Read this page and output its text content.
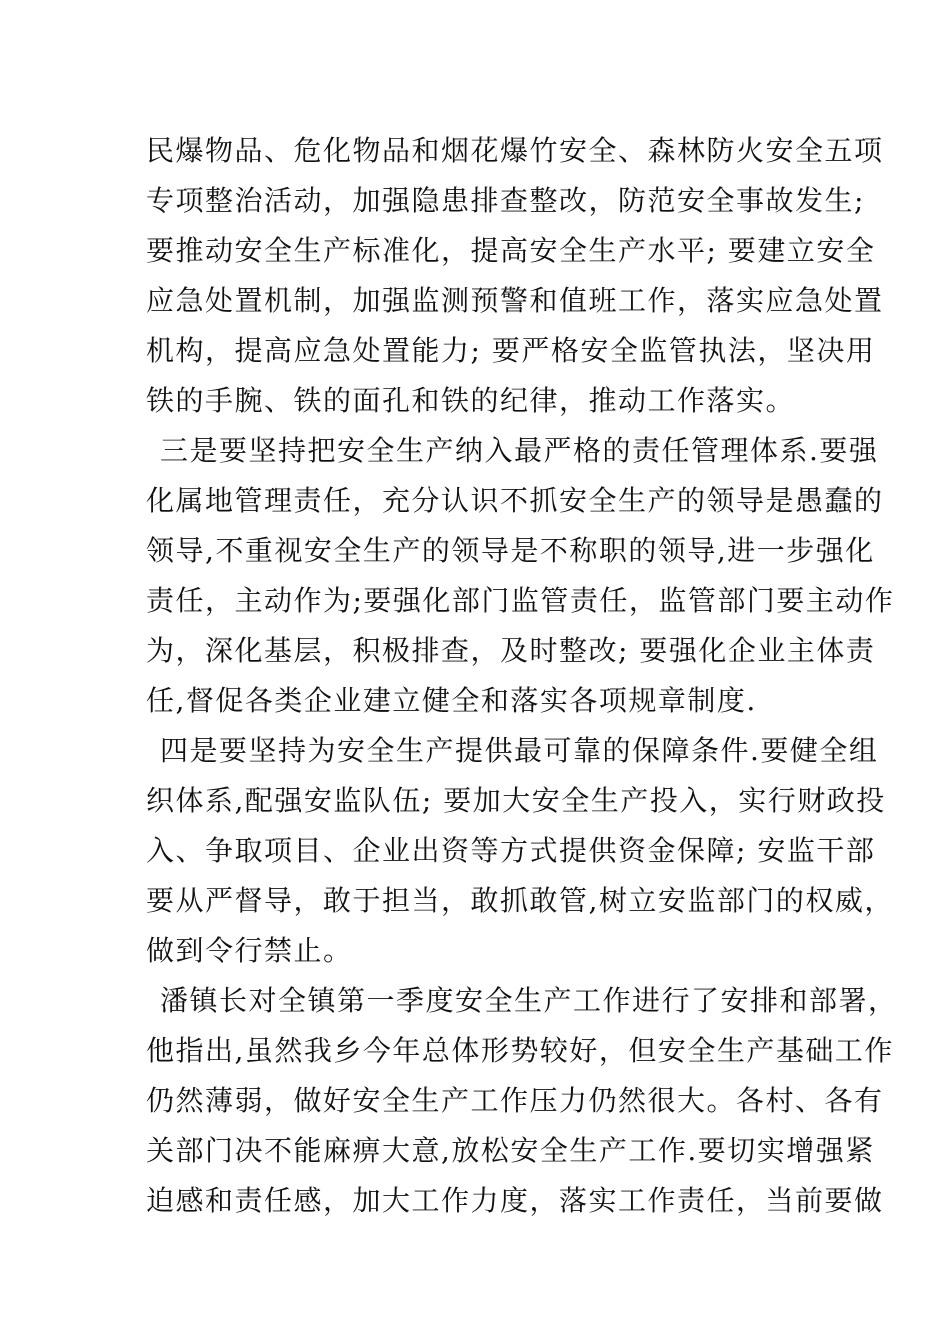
民爆物品、危化物品和烟花爆竹安全、森林防火安全五项
专项整治活动，加强隐患排查整改，防范安全事故发生;
要推动安全生产标准化，提高安全生产水平; 要建立安全
应急处置机制，加强监测预警和值班工作，落实应急处置
机构，提高应急处置能力; 要严格安全监管执法，坚决用
铁的手腕、铁的面孔和铁的纪律，推动工作落实。
三是要坚持把安全生产纳入最严格的责任管理体系.要强
化属地管理责任，充分认识不抓安全生产的领导是愚蠢的
领导,不重视安全生产的领导是不称职的领导,进一步强化
责任，主动作为;要强化部门监管责任，监管部门要主动作
为，深化基层，积极排查，及时整改; 要强化企业主体责
任,督促各类企业建立健全和落实各项规章制度.
四是要坚持为安全生产提供最可靠的保障条件.要健全组
织体系,配强安监队伍; 要加大安全生产投入，实行财政投
入、争取项目、企业出资等方式提供资金保障; 安监干部
要从严督导，敢于担当，敢抓敢管,树立安监部门的权威，
做到令行禁止。
潘镇长对全镇第一季度安全生产工作进行了安排和部署，
他指出,虽然我乡今年总体形势较好，但安全生产基础工作
仍然薄弱，做好安全生产工作压力仍然很大。各村、各有
关部门决不能麻痹大意,放松安全生产工作.要切实增强紧
迫感和责任感，加大工作力度，落实工作责任，当前要做
